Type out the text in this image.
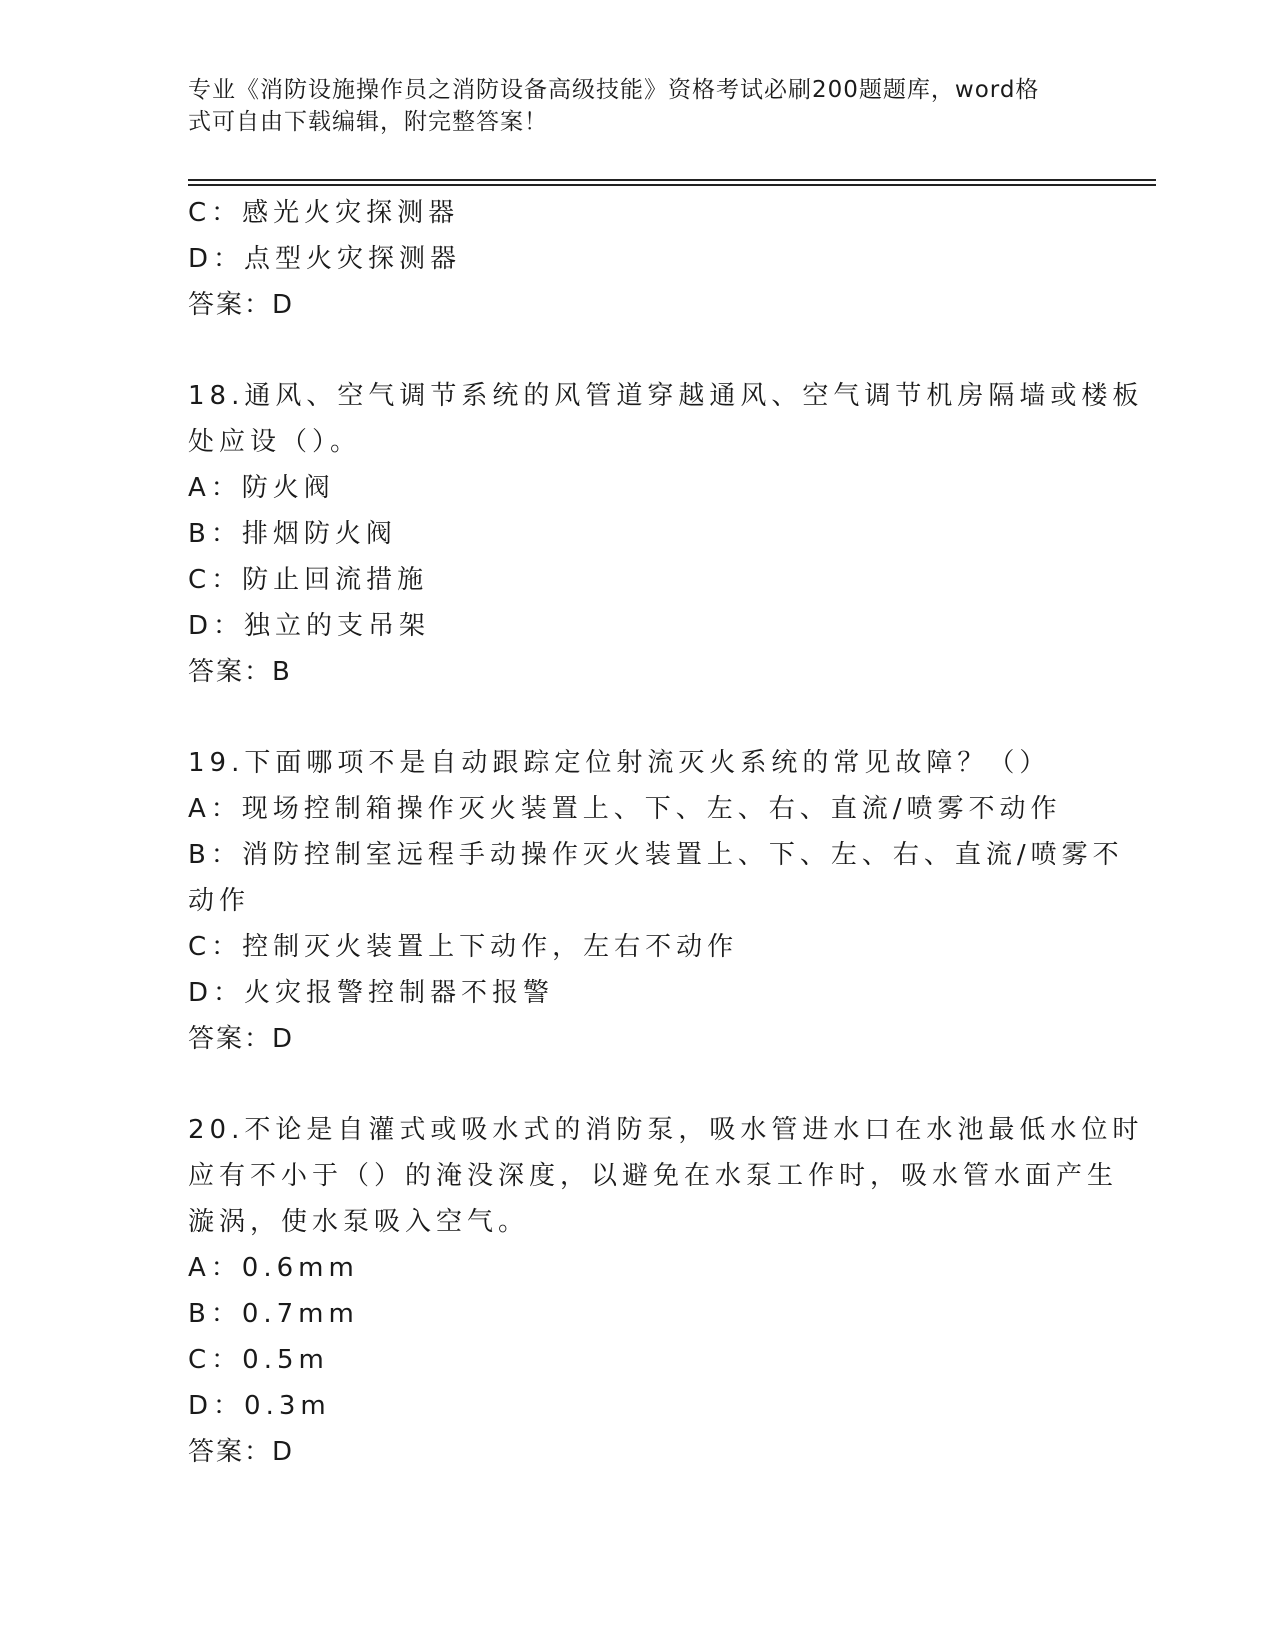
专业《消防设施操作员之消防设备高级技能》资格考试必刷200题题库，word格
式可自由下载编辑，附完整答案！
C：感光火灾探测器
D：点型火灾探测器
答案：D
18.通风、空气调节系统的风管道穿越通风、空气调节机房隔墙或楼板
处应设（）。
A：防火阀
B：排烟防火阀
C：防止回流措施
D：独立的支吊架
答案：B
19.下面哪项不是自动跟踪定位射流灭火系统的常见故障？（）
A：现场控制箱操作灭火装置上、下、左、右、直流/喷雾不动作
B：消防控制室远程手动操作灭火装置上、下、左、右、直流/喷雾不
动作
C：控制灭火装置上下动作，左右不动作
D：火灾报警控制器不报警
答案：D
20.不论是自灌式或吸水式的消防泵，吸水管进水口在水池最低水位时
应有不小于（）的淹没深度，以避免在水泵工作时，吸水管水面产生
漩涡，使水泵吸入空气。
A：0.6mm
B：0.7mm
C：0.5m
D：0.3m
答案：D
